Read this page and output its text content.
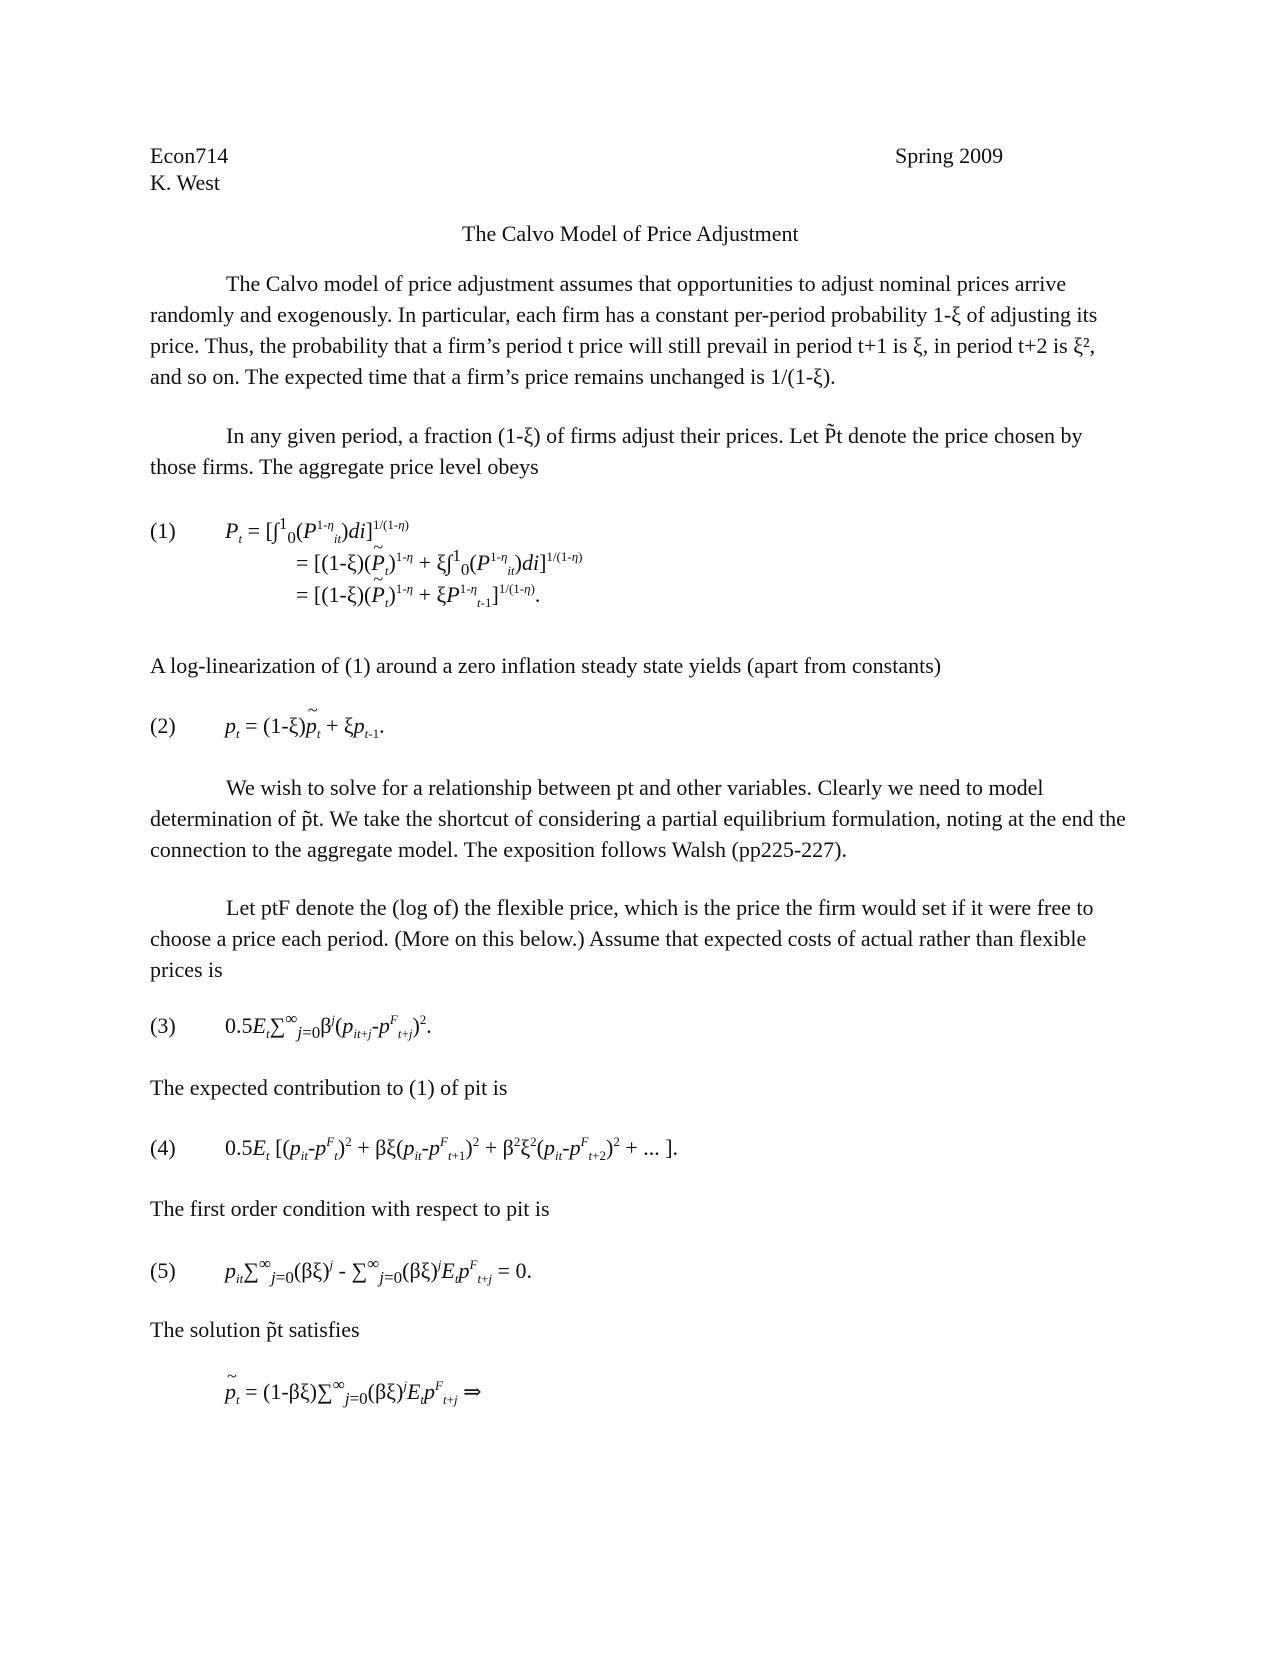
Econ714
K. West
Spring 2009
The Calvo Model of Price Adjustment
The Calvo model of price adjustment assumes that opportunities to adjust nominal prices arrive randomly and exogenously. In particular, each firm has a constant per-period probability 1-ξ of adjusting its price. Thus, the probability that a firm’s period t price will still prevail in period t+1 is ξ, in period t+2 is ξ², and so on. The expected time that a firm’s price remains unchanged is 1/(1-ξ).
In any given period, a fraction (1-ξ) of firms adjust their prices. Let P̃t denote the price chosen by those firms. The aggregate price level obeys
(1) $P_t = [\int^1_0(P^{1-\eta}_{it})di]^{1/(1-\eta)}$
= [(1-ξ)(~ $P_t)^{1-\eta} + \xi\int^1_0(P^{1-\eta}_{it})di]^{1/(1-\eta)}$
= [(1-ξ)(~ $P_t)^{1-\eta} + \xi P^{1-\eta}_{t-1}]^{1/(1-\eta)}$.
A log-linearization of (1) around a zero inflation steady state yields (apart from constants)
(2) $p_t$ = (1-ξ)~ $p_t + \xi p_{t-1}$.
We wish to solve for a relationship between pt and other variables. Clearly we need to model determination of p̃t. We take the shortcut of considering a partial equilibrium formulation, noting at the end the connection to the aggregate model. The exposition follows Walsh (pp225-227).
Let ptF denote the (log of) the flexible price, which is the price the firm would set if it were free to choose a price each period. (More on this below.) Assume that expected costs of actual rather than flexible prices is
(3) $0.5E_t\sum^\infty_{j=0}\beta^j(p_{it+j}-p^F_{t+j})^2$.
The expected contribution to (1) of pit is
(4) $0.5E_t$ [$(p_{it}-p^F_t)^2 + \beta\xi(p_{it}-p^F_{t+1})^2 + \beta^2\xi^2(p_{it}-p^F_{t+2})^2$ + ... ].
The first order condition with respect to pit is
(5) $p_{it}\sum^\infty_{j=0}(\beta\xi)^j - \sum^\infty_{j=0}(\beta\xi)^jE_tp^F_{t+j} = 0$.
The solution p̃t satisfies
~ $p_t = (1-\beta\xi)\sum^\infty_{j=0}(\beta\xi)^jE_tp^F_{t+j}$ ⇒
